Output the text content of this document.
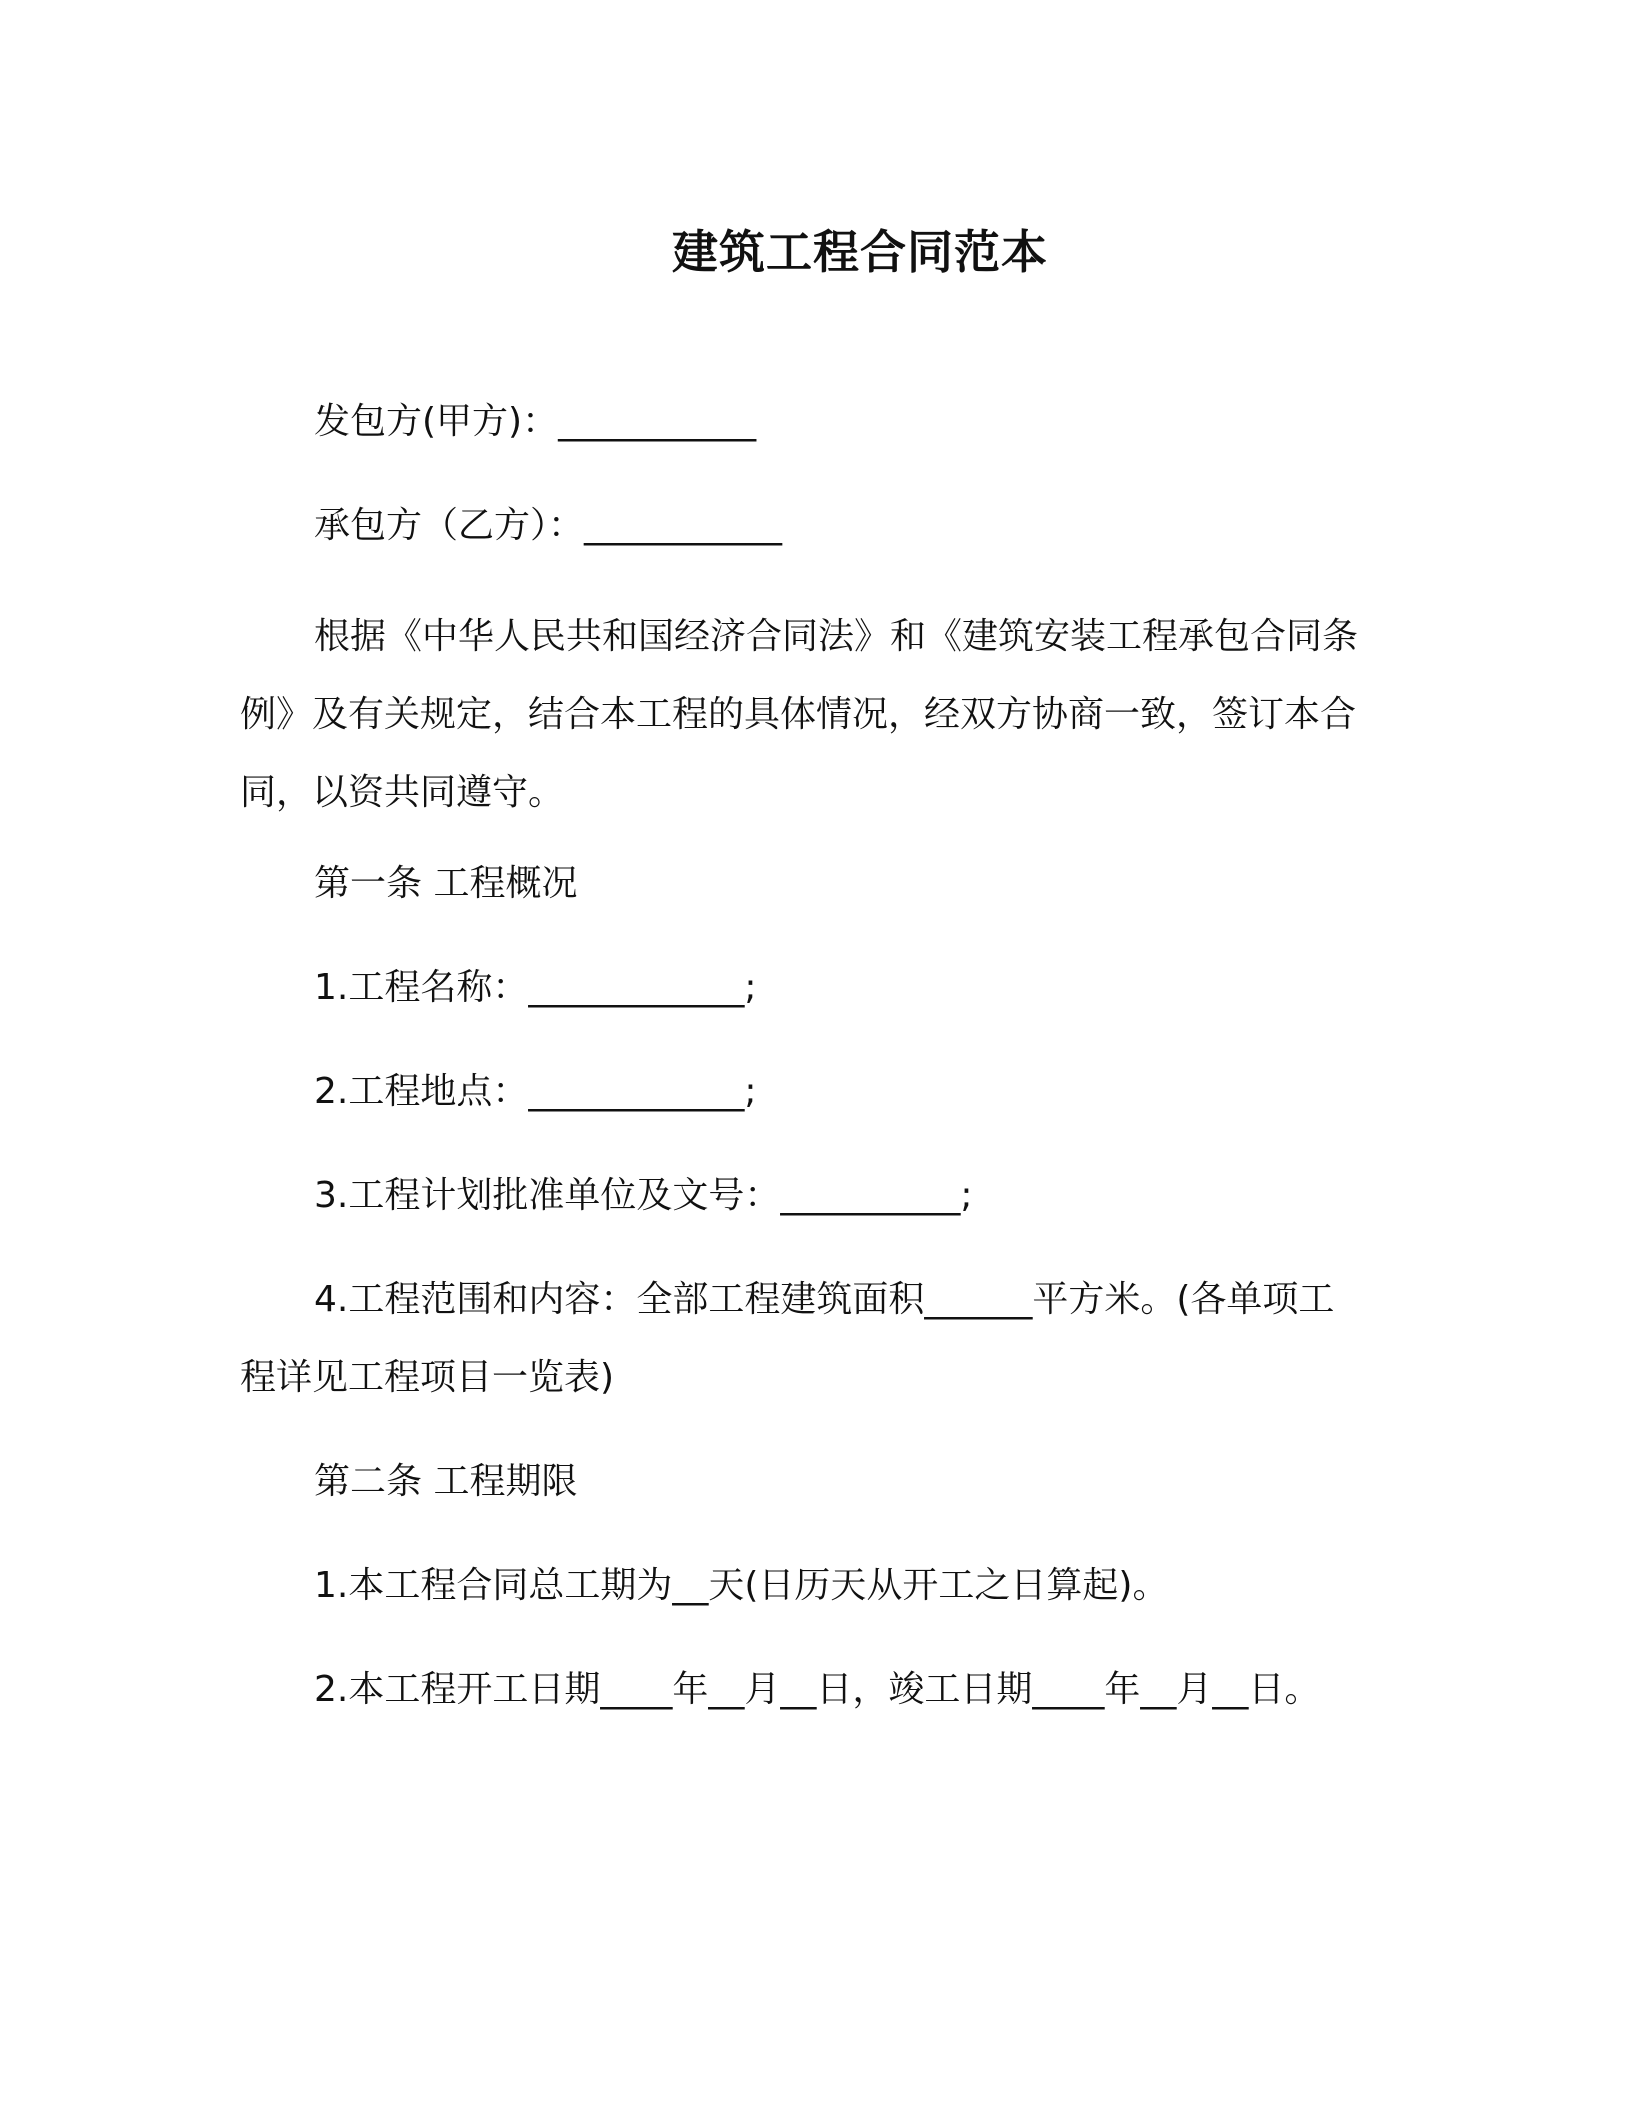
建筑工程合同范本
发包方(甲方)：___________
承包方（乙方）：___________
根据《中华人民共和国经济合同法》和《建筑安装工程承包合同条例》及有关规定，结合本工程的具体情况，经双方协商一致，签订本合同，以资共同遵守。
第一条 工程概况
1.工程名称：____________;
2.工程地点：____________;
3.工程计划批准单位及文号：__________;
4.工程范围和内容：全部工程建筑面积______平方米。(各单项工
程详见工程项目一览表)
第二条 工程期限
1.本工程合同总工期为__天(日历天从开工之日算起)。
2.本工程开工日期____年__月__日，竣工日期____年__月__日。
